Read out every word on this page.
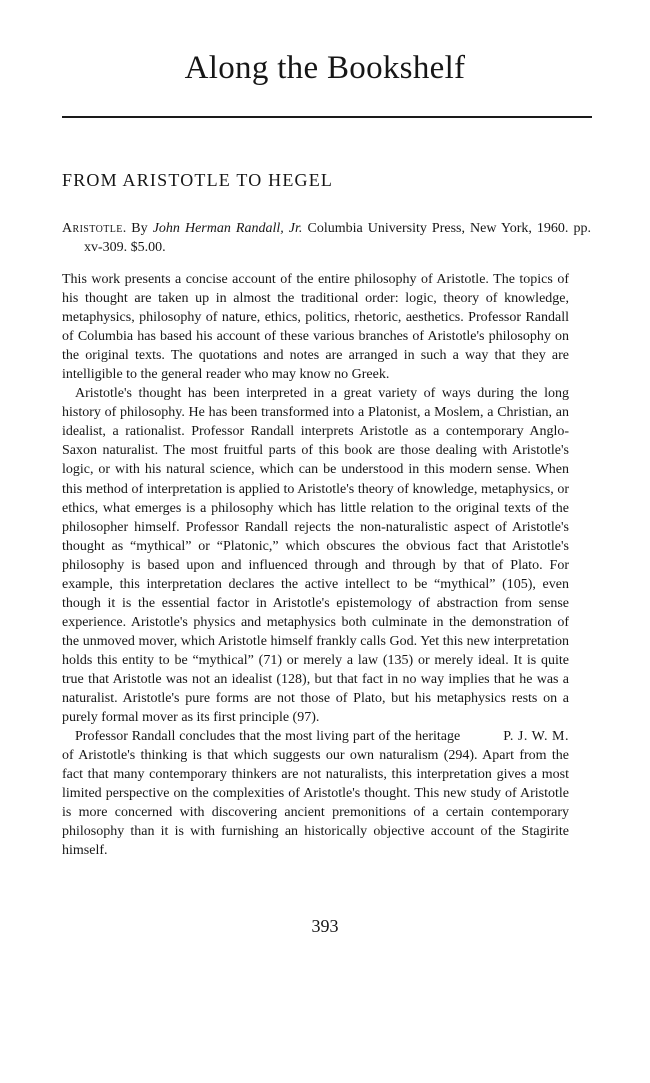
Along the Bookshelf
FROM ARISTOTLE TO HEGEL

Aristotle. By John Herman Randall, Jr. Columbia University Press, New York, 1960. pp. xv-309. $5.00.

This work presents a concise account of the entire philosophy of Aristotle. The topics of his thought are taken up in almost the traditional order: logic, theory of knowledge, metaphysics, philosophy of nature, ethics, politics, rhetoric, aesthetics. Professor Randall of Columbia has based his account of these various branches of Aristotle's philosophy on the original texts. The quotations and notes are arranged in such a way that they are intelligible to the general reader who may know no Greek.

Aristotle's thought has been interpreted in a great variety of ways during the long history of philosophy. He has been transformed into a Platonist, a Moslem, a Christian, an idealist, a rationalist. Professor Randall interprets Aristotle as a contemporary Anglo-Saxon naturalist. The most fruitful parts of this book are those dealing with Aristotle's logic, or with his natural science, which can be understood in this modern sense. When this method of interpretation is applied to Aristotle's theory of knowledge, metaphysics, or ethics, what emerges is a philosophy which has little relation to the original texts of the philosopher himself. Professor Randall rejects the non-naturalistic aspect of Aristotle's thought as “mythical” or “Platonic,” which obscures the obvious fact that Aristotle's philosophy is based upon and influenced through and through by that of Plato. For example, this interpretation declares the active intellect to be “mythical” (105), even though it is the essential factor in Aristotle's epistemology of abstraction from sense experience. Aristotle's physics and metaphysics both culminate in the demonstration of the unmoved mover, which Aristotle himself frankly calls God. Yet this new interpretation holds this entity to be “mythical” (71) or merely a law (135) or merely ideal. It is quite true that Aristotle was not an idealist (128), but that fact in no way implies that he was a naturalist. Aristotle's pure forms are not those of Plato, but his metaphysics rests on a purely formal mover as its first principle (97).

P. J. W. M.
Professor Randall concludes that the most living part of the heritage of Aristotle's thinking is that which suggests our own naturalism (294). Apart from the fact that many contemporary thinkers are not naturalists, this interpretation gives a most limited perspective on the complexities of Aristotle's thought. This new study of Aristotle is more concerned with discovering ancient premonitions of a certain contemporary philosophy than it is with furnishing an historically objective account of the Stagirite himself.

393
